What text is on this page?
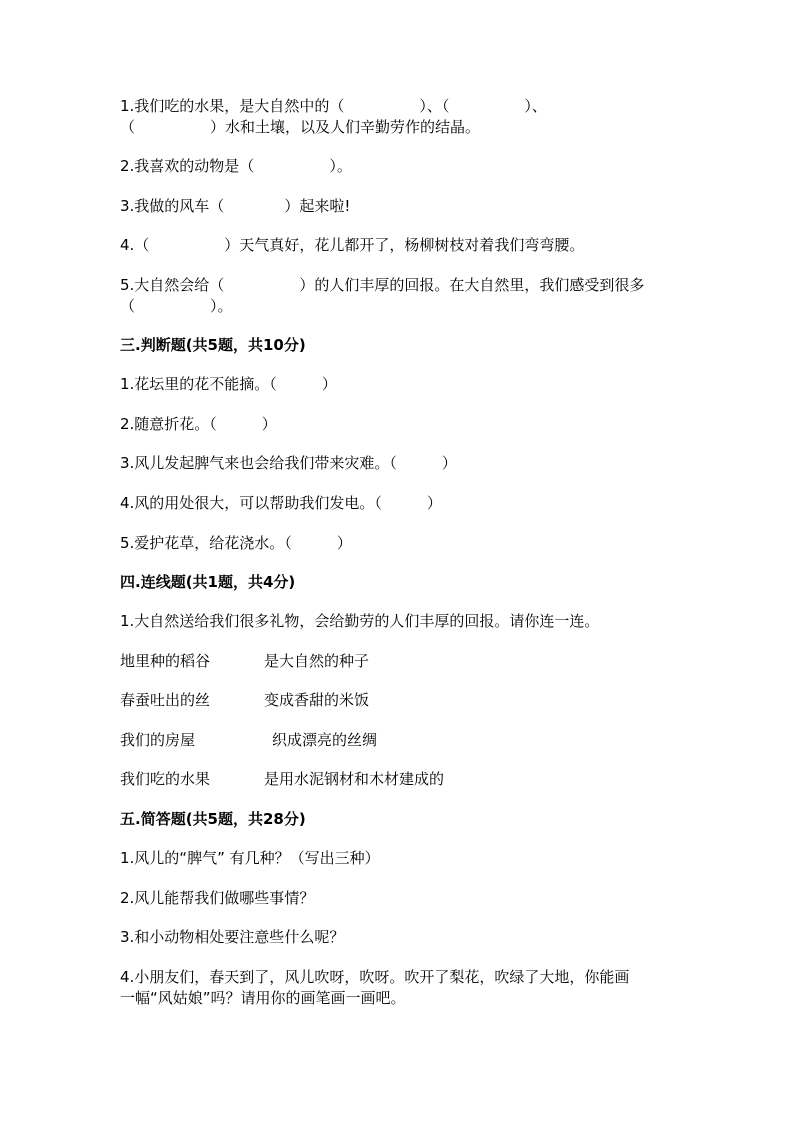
1.我们吃的水果，是大自然中的（　　　　　）、（　　　　　）、
（　　　　　）水和土壤，以及人们辛勤劳作的结晶。
2.我喜欢的动物是（　　　　　）。
3.我做的风车（　　　　）起来啦!
4.（　　　　　）天气真好，花儿都开了，杨柳树枝对着我们弯弯腰。
5.大自然会给（　　　　　）的人们丰厚的回报。在大自然里，我们感受到很多
（　　　　　）。
三.判断题(共5题，共10分)
1.花坛里的花不能摘。（　　　）
2.随意折花。（　　　）
3.风儿发起脾气来也会给我们带来灾难。（　　　）
4.风的用处很大，可以帮助我们发电。（　　　）
5.爱护花草，给花浇水。（　　　）
四.连线题(共1题，共4分)
1.大自然送给我们很多礼物，会给勤劳的人们丰厚的回报。请你连一连。
地里种的稻谷	是大自然的种子
春蚕吐出的丝	变成香甜的米饭
我们的房屋	织成漂亮的丝绸
我们吃的水果	是用水泥钢材和木材建成的
五.简答题(共5题，共28分)
1.风儿的“脾气” 有几种？（写出三种）
2.风儿能帮我们做哪些事情？
3.和小动物相处要注意些什么呢？
4.小朋友们，春天到了，风儿吹呀，吹呀。吹开了梨花，吹绿了大地，你能画
一幅“风姑娘”吗？请用你的画笔画一画吧。
